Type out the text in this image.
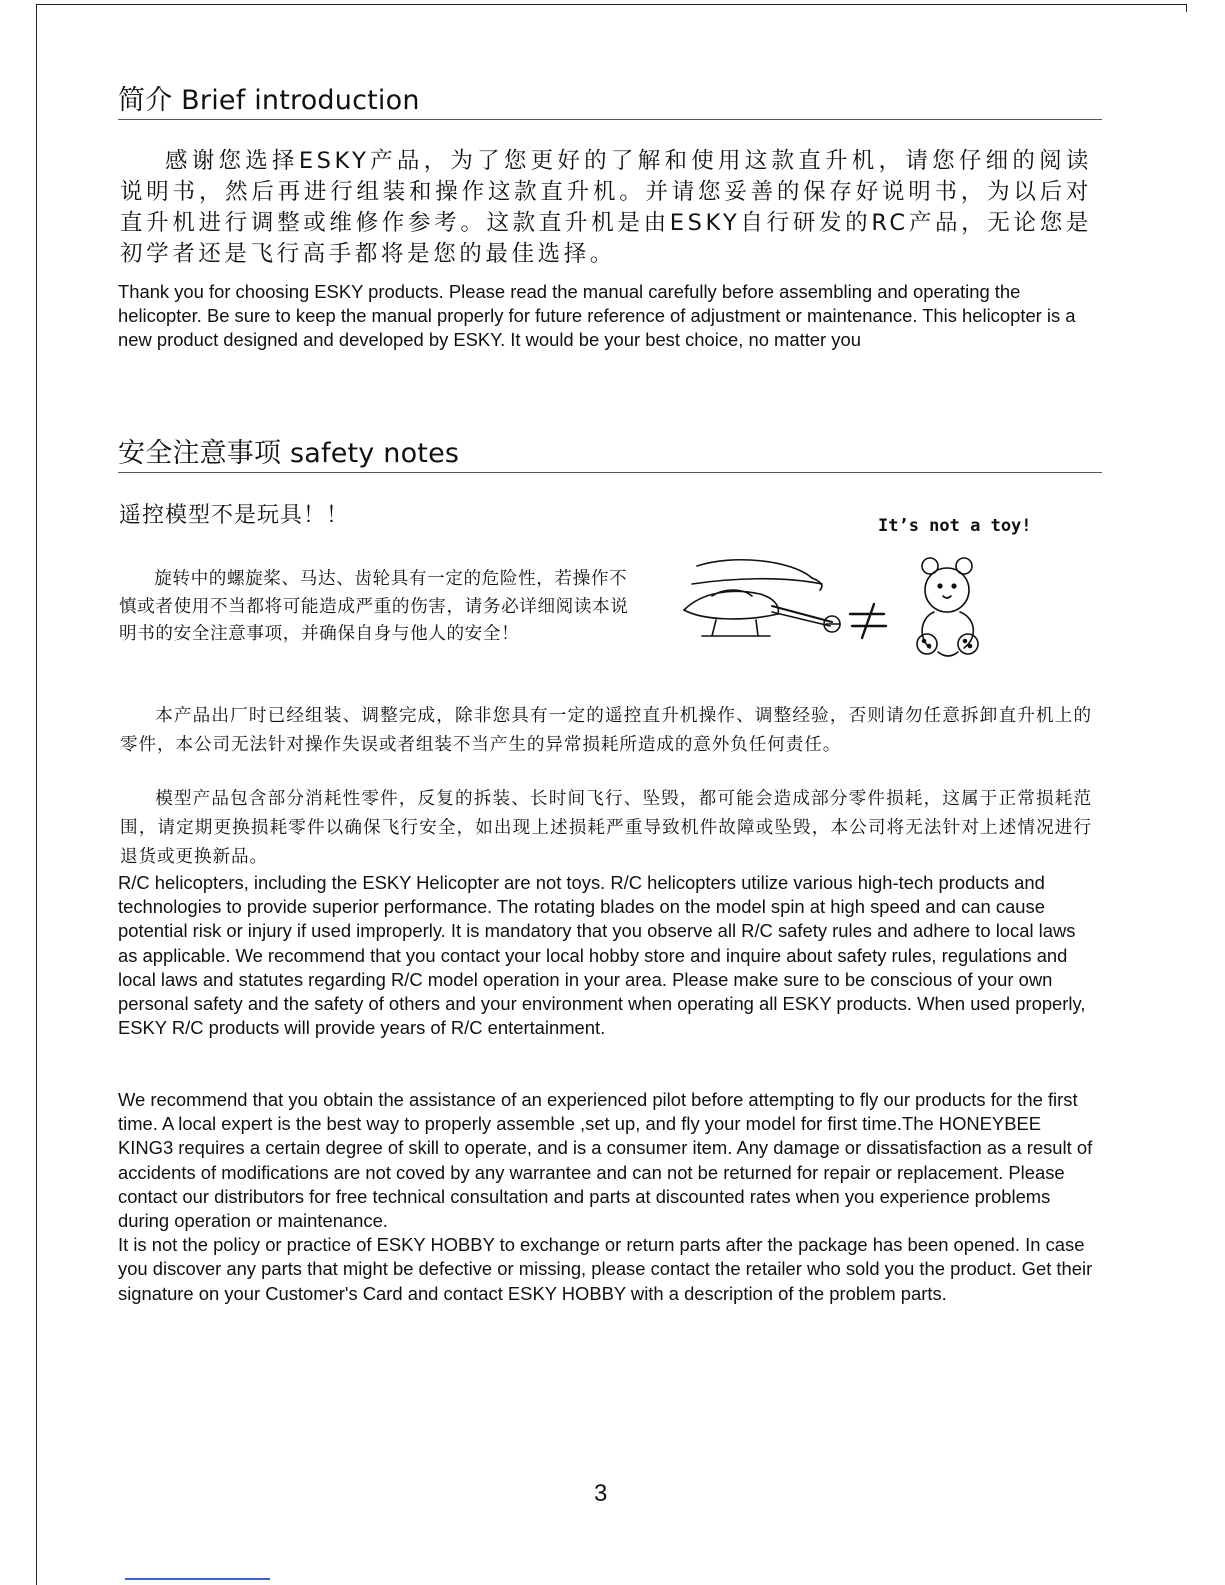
简介 Brief introduction

感谢您选择ESKY产品，为了您更好的了解和使用这款直升机，请您仔细的阅读说明书，然后再进行组装和操作这款直升机。并请您妥善的保存好说明书，为以后对直升机进行调整或维修作参考。这款直升机是由ESKY自行研发的RC产品，无论您是初学者还是飞行高手都将是您的最佳选择。

Thank you for choosing ESKY products. Please read the manual carefully before assembling and operating the helicopter. Be sure to keep the manual properly for future reference of adjustment or maintenance. This helicopter is a new product designed and developed by ESKY. It would be your best choice, no matter you

安全注意事项 safety notes

遥控模型不是玩具！！	It’s not a toy!

旋转中的螺旋桨、马达、齿轮具有一定的危险性，若操作不慎或者使用不当都将可能造成严重的伤害，请务必详细阅读本说明书的安全注意事项，并确保自身与他人的安全！

本产品出厂时已经组装、调整完成，除非您具有一定的遥控直升机操作、调整经验，否则请勿任意拆卸直升机上的零件，本公司无法针对操作失误或者组装不当产生的异常损耗所造成的意外负任何责任。

模型产品包含部分消耗性零件，反复的拆装、长时间飞行、坠毁，都可能会造成部分零件损耗，这属于正常损耗范围，请定期更换损耗零件以确保飞行安全，如出现上述损耗严重导致机件故障或坠毁，本公司将无法针对上述情况进行退货或更换新品。

R/C helicopters, including the ESKY Helicopter are not toys. R/C helicopters utilize various high-tech products and technologies to provide superior performance. The rotating blades on the model spin at high speed and can cause potential risk or injury if used improperly. It is mandatory that you observe all R/C safety rules and adhere to local laws as applicable. We recommend that you contact your local hobby store and inquire about safety rules, regulations and local laws and statutes regarding R/C model operation in your area. Please make sure to be conscious of your own personal safety and the safety of others and your environment when operating all ESKY products. When used properly, ESKY R/C products will provide years of R/C entertainment.

We recommend that you obtain the assistance of an experienced pilot before attempting to fly our products for the first time. A local expert is the best way to properly assemble ,set up, and fly your model for first time.The HONEYBEE KING3 requires a certain degree of skill to operate, and is a consumer item. Any damage or dissatisfaction as a result of accidents of modifications are not coved by any warrantee and can not be returned for repair or replacement. Please contact our distributors for free technical consultation and parts at discounted rates when you experience problems during operation or maintenance.
It is not the policy or practice of ESKY HOBBY to exchange or return parts after the package has been opened. In case you discover any parts that might be defective or missing, please contact the retailer who sold you the product. Get their signature on your Customer's Card and contact ESKY HOBBY with a description of the problem parts.

3
